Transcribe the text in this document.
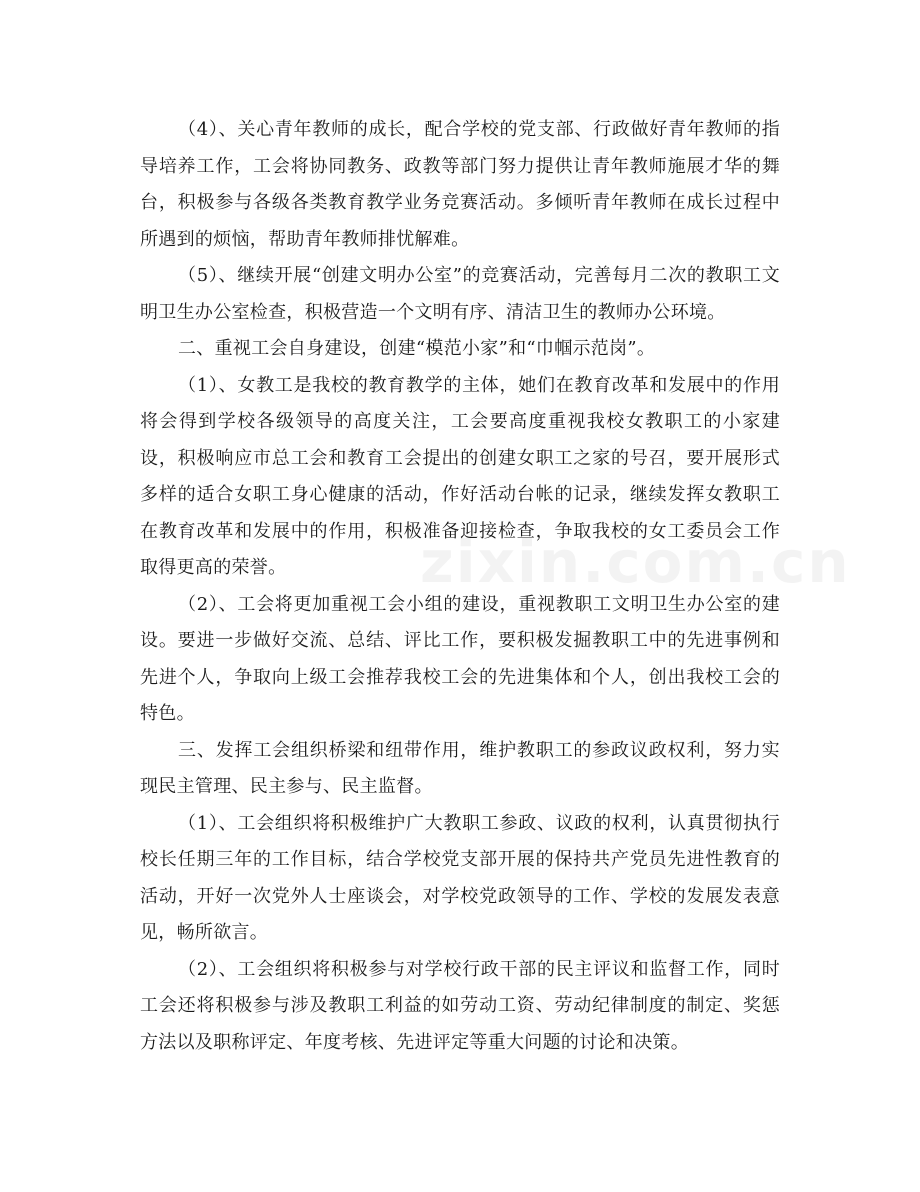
（4）、关心青年教师的成长，配合学校的党支部、行政做好青年教师的指导培养工作，工会将协同教务、政教等部门努力提供让青年教师施展才华的舞台，积极参与各级各类教育教学业务竞赛活动。多倾听青年教师在成长过程中所遇到的烦恼，帮助青年教师排忧解难。

（5）、继续开展“创建文明办公室”的竞赛活动，完善每月二次的教职工文明卫生办公室检查，积极营造一个文明有序、清洁卫生的教师办公环境。

二、重视工会自身建设，创建“模范小家”和“巾帼示范岗”。

（1）、女教工是我校的教育教学的主体，她们在教育改革和发展中的作用将会得到学校各级领导的高度关注，工会要高度重视我校女教职工的小家建设，积极响应市总工会和教育工会提出的创建女职工之家的号召，要开展形式多样的适合女职工身心健康的活动，作好活动台帐的记录，继续发挥女教职工在教育改革和发展中的作用，积极准备迎接检查，争取我校的女工委员会工作取得更高的荣誉。

（2）、工会将更加重视工会小组的建设，重视教职工文明卫生办公室的建设。要进一步做好交流、总结、评比工作，要积极发掘教职工中的先进事例和先进个人，争取向上级工会推荐我校工会的先进集体和个人，创出我校工会的特色。

三、发挥工会组织桥梁和纽带作用，维护教职工的参政议政权利，努力实现民主管理、民主参与、民主监督。

（1）、工会组织将积极维护广大教职工参政、议政的权利，认真贯彻执行校长任期三年的工作目标，结合学校党支部开展的保持共产党员先进性教育的活动，开好一次党外人士座谈会，对学校党政领导的工作、学校的发展发表意见，畅所欲言。

（2）、工会组织将积极参与对学校行政干部的民主评议和监督工作，同时工会还将积极参与涉及教职工利益的如劳动工资、劳动纪律制度的制定、奖惩方法以及职称评定、年度考核、先进评定等重大问题的讨论和决策。
